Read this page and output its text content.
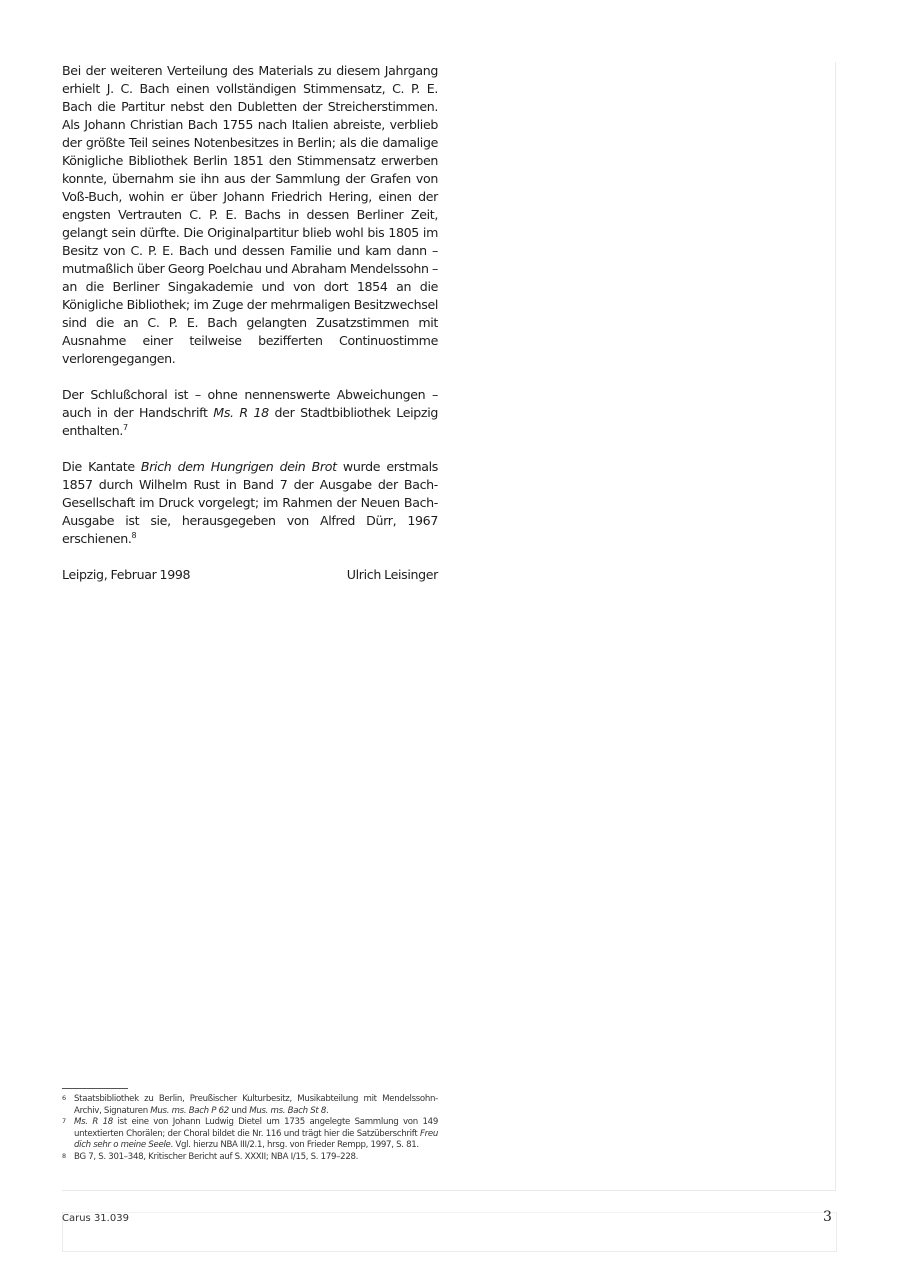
Bei der weiteren Verteilung des Materials zu diesem Jahrgang erhielt J. C. Bach einen vollständigen Stimmensatz, C. P. E. Bach die Partitur nebst den Dubletten der Streicherstimmen. Als Johann Christian Bach 1755 nach Italien abreiste, verblieb der größte Teil seines Notenbesitzes in Berlin; als die damalige Königliche Bibliothek Berlin 1851 den Stimmensatz erwerben konnte, übernahm sie ihn aus der Sammlung der Grafen von Voß-Buch, wohin er über Johann Friedrich Hering, einen der engsten Vertrauten C. P. E. Bachs in dessen Berliner Zeit, gelangt sein dürfte. Die Originalpartitur blieb wohl bis 1805 im Besitz von C. P. E. Bach und dessen Familie und kam dann – mutmaßlich über Georg Poelchau und Abraham Mendelssohn – an die Berliner Singakademie und von dort 1854 an die Königliche Bibliothek; im Zuge der mehrmaligen Besitzwechsel sind die an C. P. E. Bach gelangten Zusatzstimmen mit Ausnahme einer teilweise bezifferten Continuostimme verlorengegangen.

Der Schlußchoral ist – ohne nennenswerte Abweichungen – auch in der Handschrift Ms. R 18 der Stadtbibliothek Leipzig enthalten.$^7$

Die Kantate Brich dem Hungrigen dein Brot wurde erstmals 1857 durch Wilhelm Rust in Band 7 der Ausgabe der Bach-Gesellschaft im Druck vorgelegt; im Rahmen der Neuen Bach-Ausgabe ist sie, herausgegeben von Alfred Dürr, 1967 erschienen.$^8$

Leipzig, Februar 1998	Ulrich Leisinger
6 Staatsbibliothek zu Berlin, Preußischer Kulturbesitz, Musikabteilung mit Mendelssohn-Archiv, Signaturen Mus. ms. Bach P 62 und Mus. ms. Bach St 8.
7 Ms. R 18 ist eine von Johann Ludwig Dietel um 1735 angelegte Sammlung von 149 untextierten Chorälen; der Choral bildet die Nr. 116 und trägt hier die Satzüberschrift Freu dich sehr o meine Seele. Vgl. hierzu NBA III/2.1, hrsg. von Frieder Rempp, 1997, S. 81.
8 BG 7, S. 301–348, Kritischer Bericht auf S. XXXII; NBA I/15, S. 179–228.
Carus 31.039	3
